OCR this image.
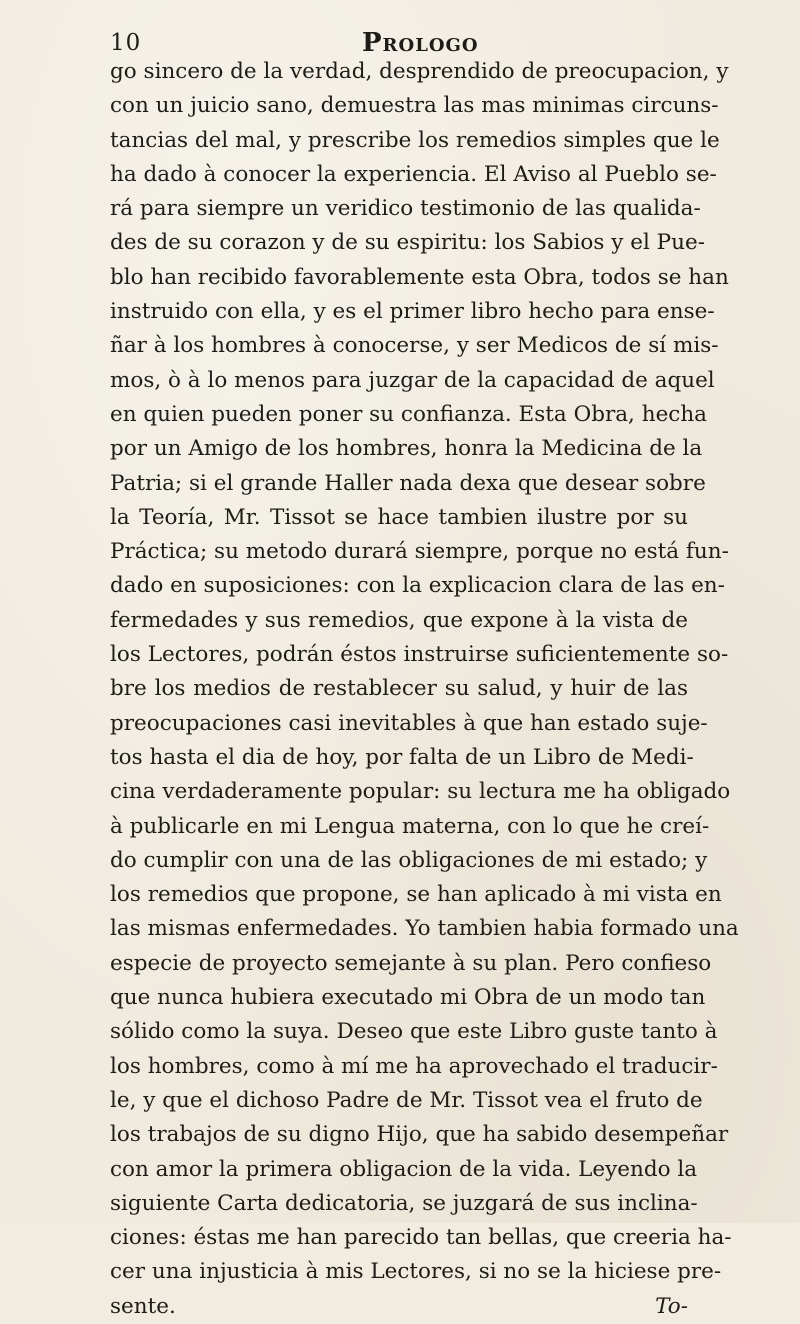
10	Prologo
go sincero de la verdad, desprendido de preocupacion, y
con un juicio sano, demuestra las mas minimas circuns-
tancias del mal, y prescribe los remedios simples que le
ha dado à conocer la experiencia. El Aviso al Pueblo se-
rá para siempre un veridico testimonio de las qualida-
des de su corazon y de su espiritu: los Sabios y el Pue-
blo han recibido favorablemente esta Obra, todos se han
instruido con ella, y es el primer libro hecho para ense-
ñar à los hombres à conocerse, y ser Medicos de sí mis-
mos, ò à lo menos para juzgar de la capacidad de aquel
en quien pueden poner su confianza. Esta Obra, hecha
por un Amigo de los hombres, honra la Medicina de la
Patria; si el grande Haller nada dexa que desear sobre
la Teoría, Mr. Tissot se hace tambien ilustre por su
Práctica; su metodo durará siempre, porque no está fun-
dado en suposiciones: con la explicacion clara de las en-
fermedades y sus remedios, que expone à la vista de
los Lectores, podrán éstos instruirse suficientemente so-
bre los medios de restablecer su salud, y huir de las
preocupaciones casi inevitables à que han estado suje-
tos hasta el dia de hoy, por falta de un Libro de Medi-
cina verdaderamente popular: su lectura me ha obligado
à publicarle en mi Lengua materna, con lo que he creí-
do cumplir con una de las obligaciones de mi estado; y
los remedios que propone, se han aplicado à mi vista en
las mismas enfermedades. Yo tambien habia formado una
especie de proyecto semejante à su plan. Pero confieso
que nunca hubiera executado mi Obra de un modo tan
sólido como la suya. Deseo que este Libro guste tanto à
los hombres, como à mí me ha aprovechado el traducir-
le, y que el dichoso Padre de Mr. Tissot vea el fruto de
los trabajos de su digno Hijo, que ha sabido desempeñar
con amor la primera obligacion de la vida. Leyendo la
siguiente Carta dedicatoria, se juzgará de sus inclina-
ciones: éstas me han parecido tan bellas, que creeria ha-
cer una injusticia à mis Lectores, si no se la hiciese pre-
sente.	To-
